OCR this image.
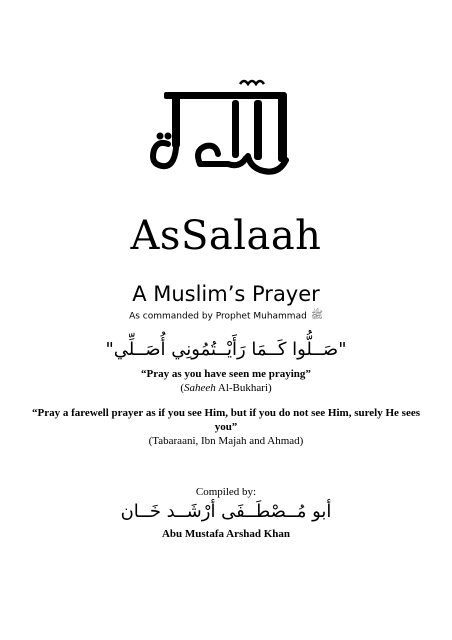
AsSalaah
A Muslim’s Prayer
As commanded by Prophet Muhammad ﷺ
"صَــلُّوا كَــمَا رَأَيْــتُمُونِي أُصَــلِّي"
“Pray as you have seen me praying”
(Saheeh Al-Bukhari)
“Pray a farewell prayer as if you see Him, but if you do not see Him, surely He sees you”
(Tabaraani, Ibn Majah and Ahmad)
Compiled by:
أبو مُــصْطَــفَى أرْشَــد خَــان
Abu Mustafa Arshad Khan
